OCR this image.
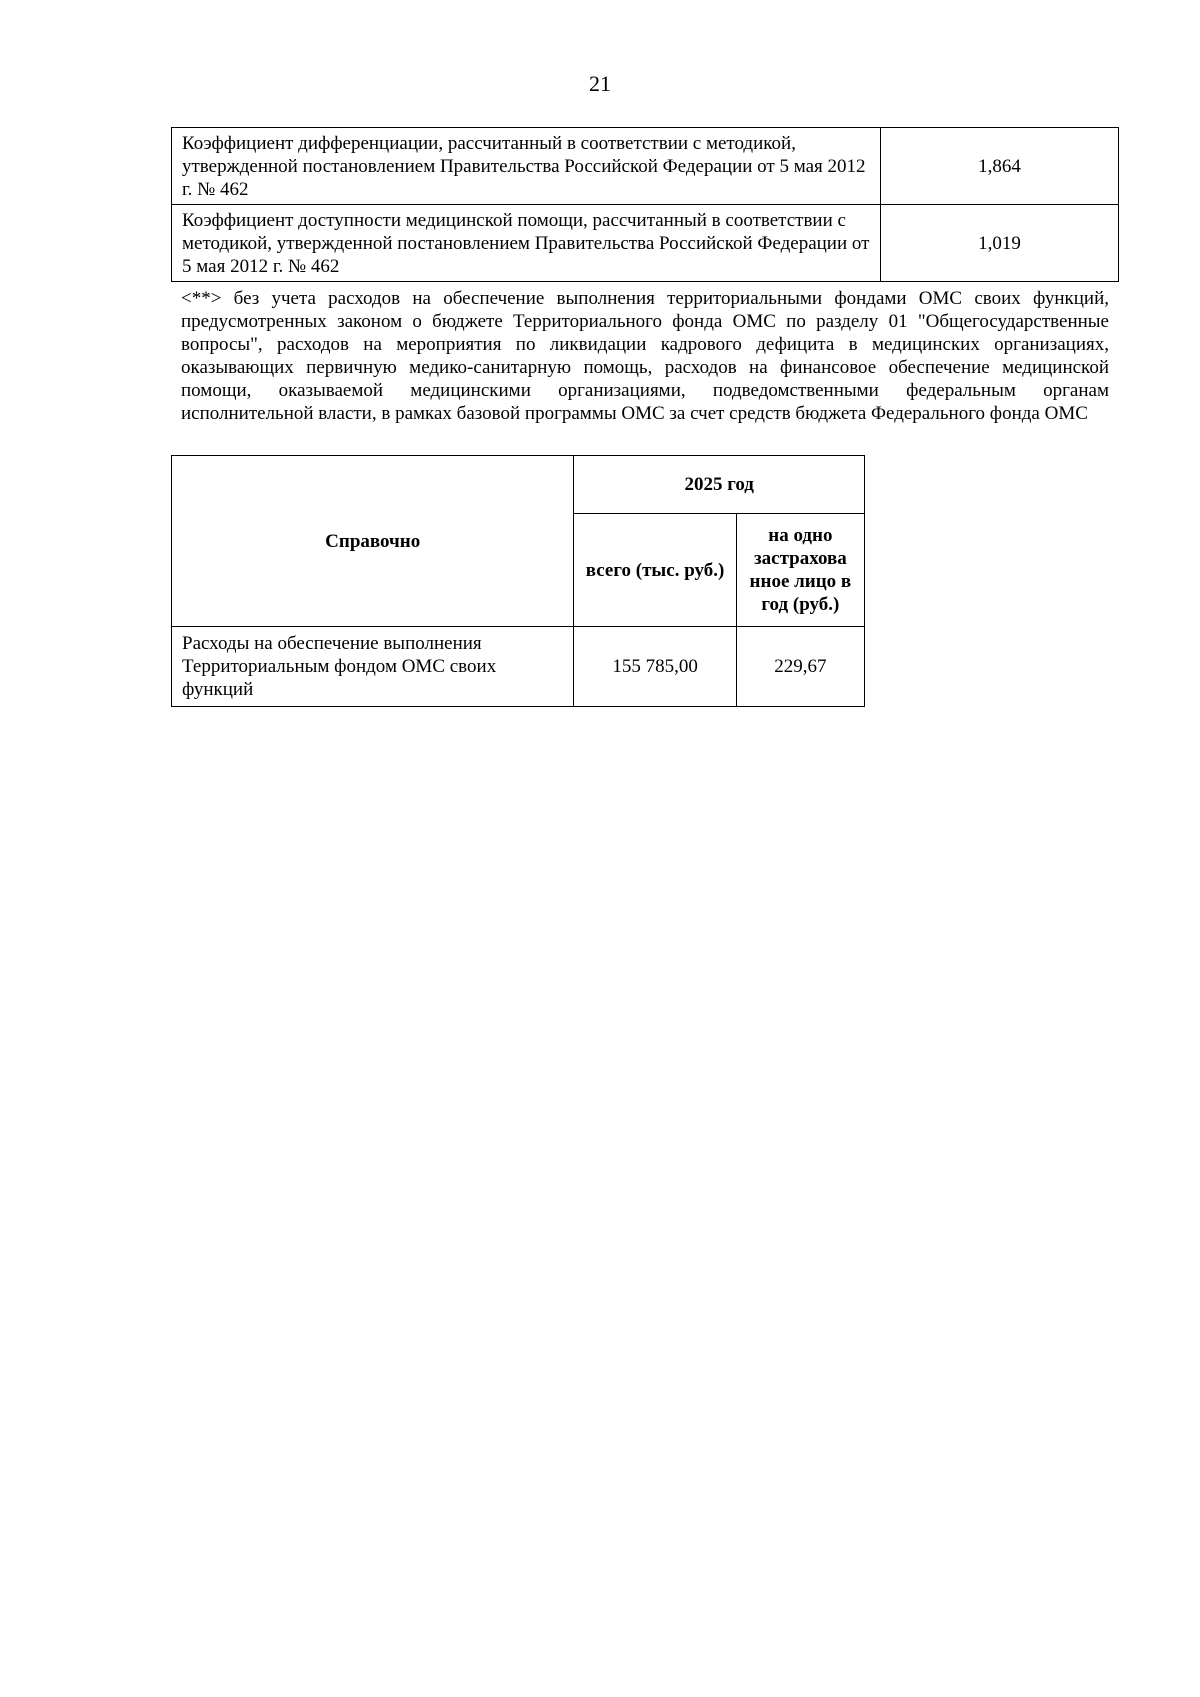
21
Коэффициент дифференциации, рассчитанный в соответствии с методикой, утвержденной постановлением Правительства Российской Федерации от 5 мая 2012 г. № 462	1,864
Коэффициент доступности медицинской помощи, рассчитанный в соответствии с методикой, утвержденной постановлением Правительства Российской Федерации от 5 мая 2012 г. № 462	1,019
<**> без учета расходов на обеспечение выполнения территориальными фондами ОМС своих функций, предусмотренных законом о бюджете Территориального фонда ОМС по разделу 01 "Общегосударственные вопросы", расходов на мероприятия по ликвидации кадрового дефицита в медицинских организациях, оказывающих первичную медико-санитарную помощь, расходов на финансовое обеспечение медицинской помощи, оказываемой медицинскими организациями, подведомственными федеральным органам исполнительной власти, в рамках базовой программы ОМС за счет средств бюджета Федерального фонда ОМС
Справочно	2025 год	
	всего (тыс. руб.)	на одно застрахова нное лицо в год (руб.)
Расходы на обеспечение выполнения Территориальным фондом ОМС своих функций	155 785,00	229,67
